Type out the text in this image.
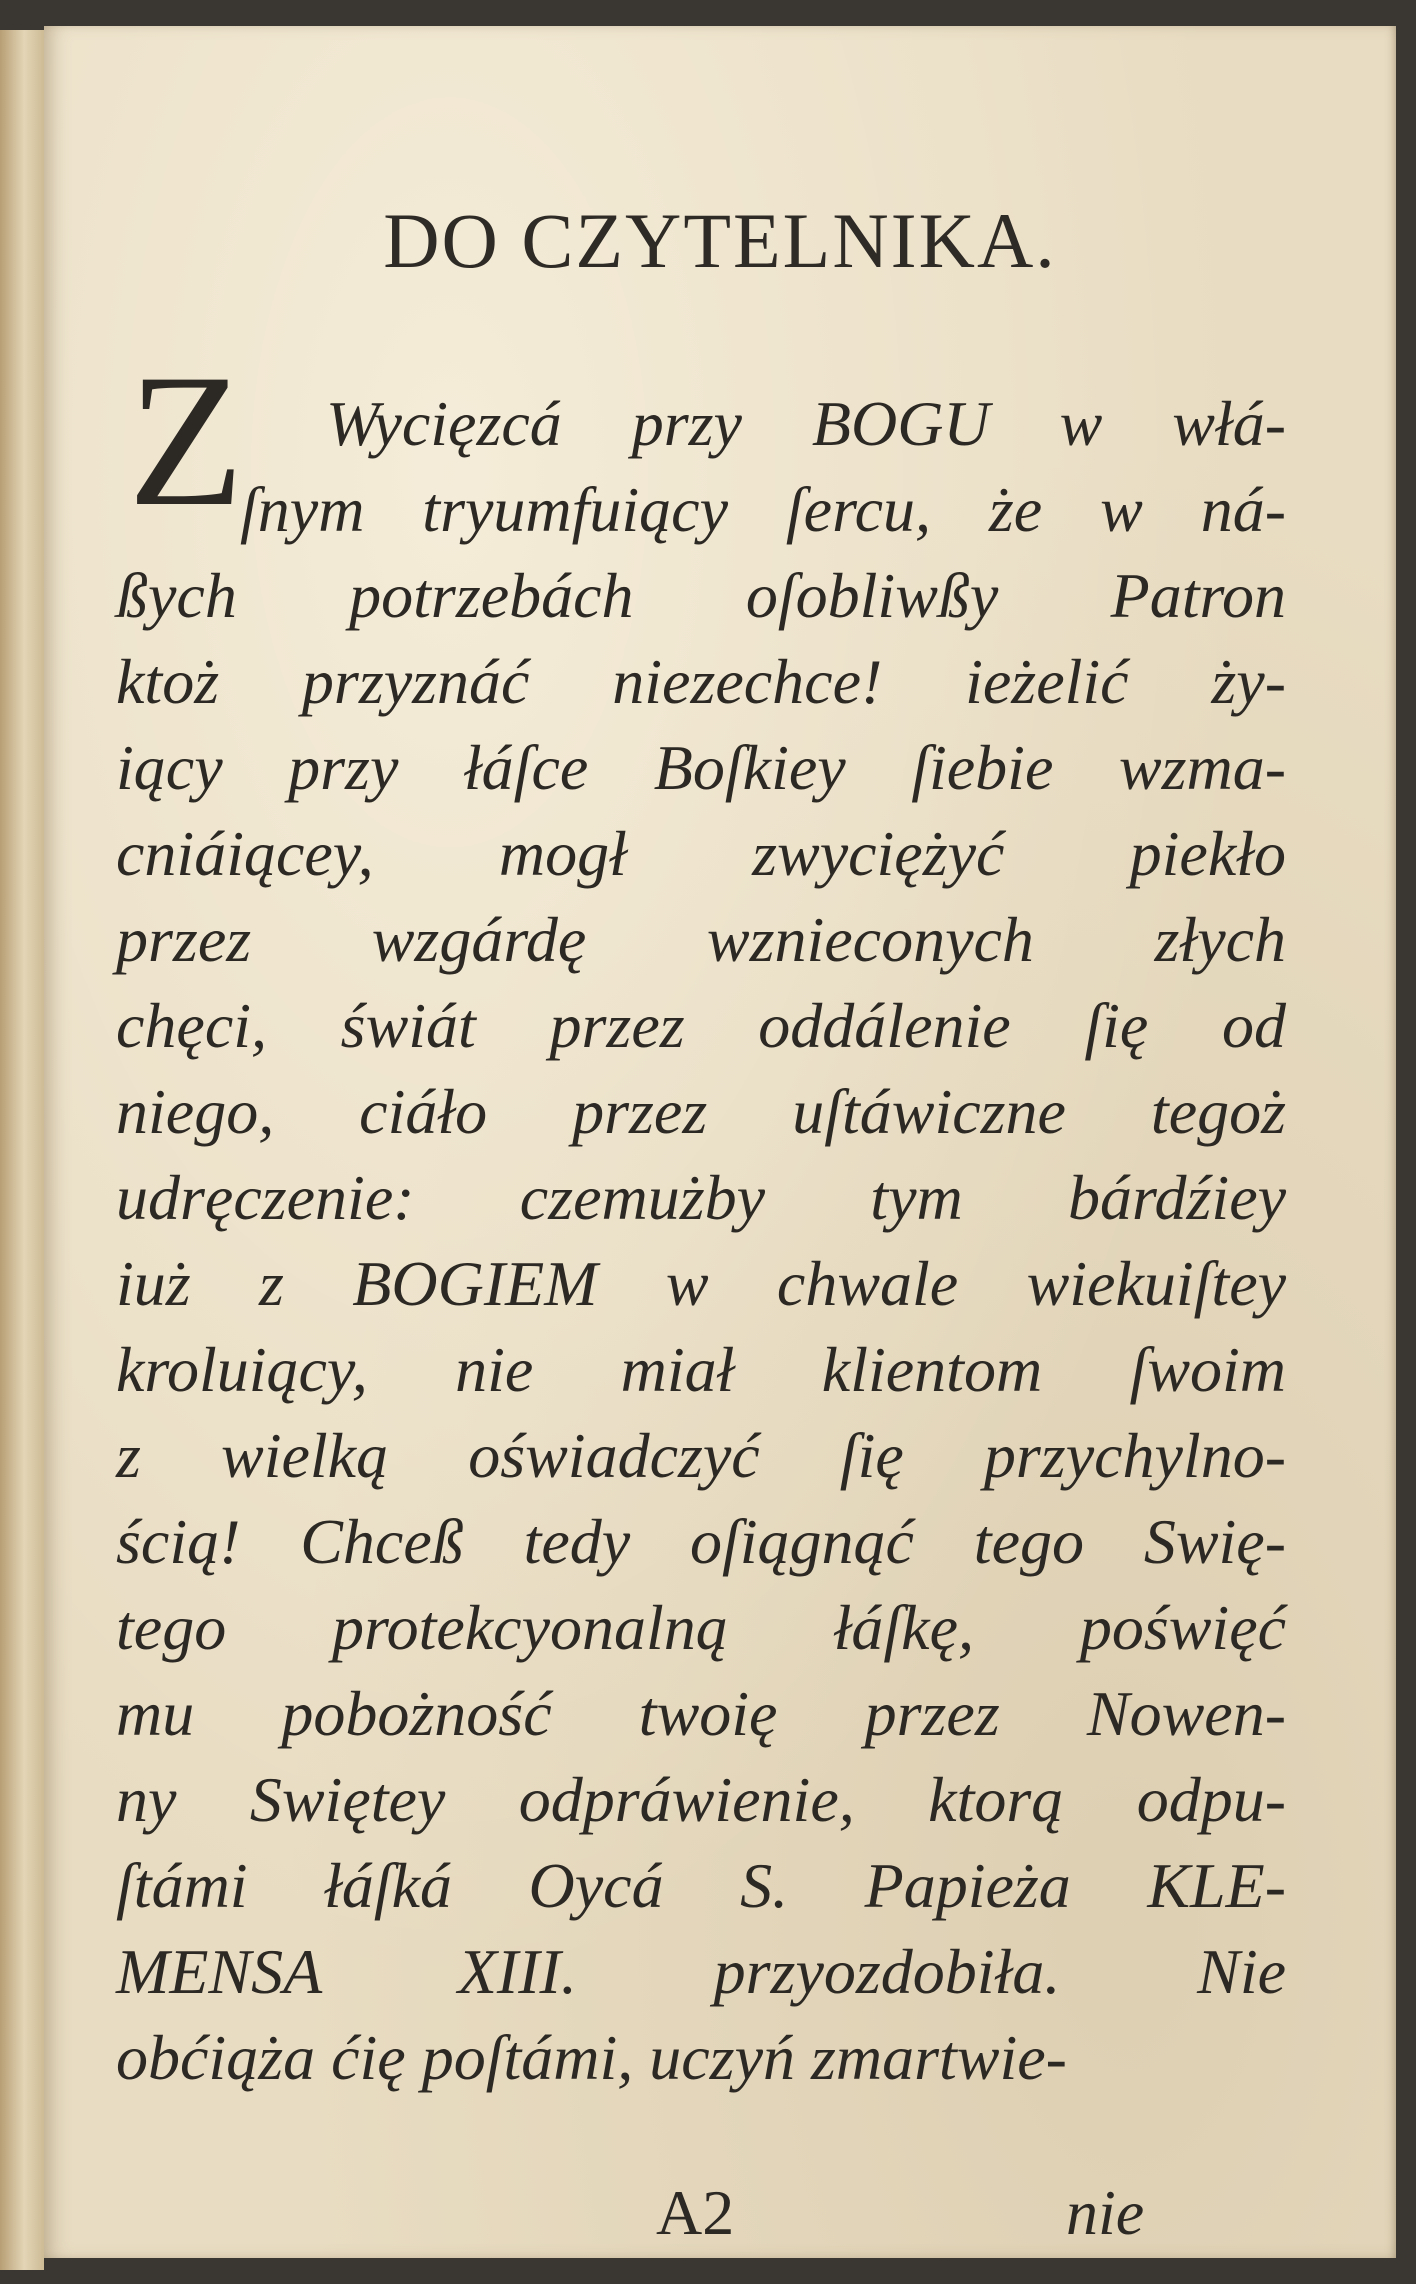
DO CZYTELNIKA.
Z	Wycięzcá przy BOGU w włá-
ſnym tryumfuiący ſercu, że w ná-
ßych potrzebách oſobliwßy Patron
ktoż przyznáć niezechce! ieżelić ży-
iący przy łáſce Boſkiey ſiebie wzma-
cniáiącey, mogł zwyciężyć piekło
przez wzgárdę wznieconych złych
chęci, świát przez oddálenie ſię od
niego, ciáło przez uſtáwiczne tegoż
udręczenie: czemużby tym bárdźiey
iuż z BOGIEM w chwale wiekuiſtey
kroluiący, nie miał klientom ſwoim
z wielką oświadczyć ſię przychylno-
ścią! Chceß tedy oſiągnąć tego Swię-
tego protekcyonalną łáſkę, poświęć
mu pobożność twoię przez Nowen-
ny Swiętey odpráwienie, ktorą odpu-
ſtámi łáſká Oycá S. Papieża KLE-
MENSA XIII. przyozdobiła. Nie
obćiąża ćię poſtámi, uczyń zmartwie-
A2	nie
